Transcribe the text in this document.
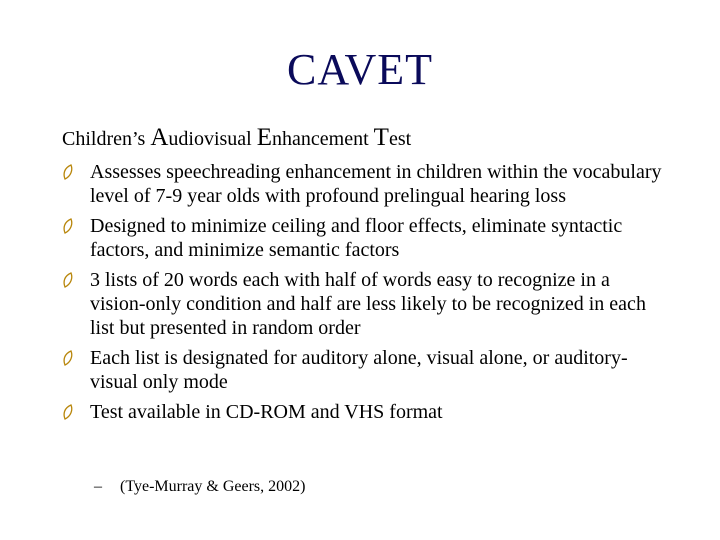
CAVET
Children’s Audiovisual Enhancement Test
Assesses speechreading enhancement in children within the vocabulary level of 7-9 year olds with profound prelingual hearing loss
Designed to minimize ceiling and floor effects, eliminate syntactic factors, and minimize semantic factors
3 lists of 20 words each with half of words easy to recognize in a vision-only condition and half are less likely to be recognized in each list but presented in random order
Each list is designated for auditory alone, visual alone, or auditory-visual only mode
Test available in CD-ROM and VHS format
– (Tye-Murray & Geers, 2002)
